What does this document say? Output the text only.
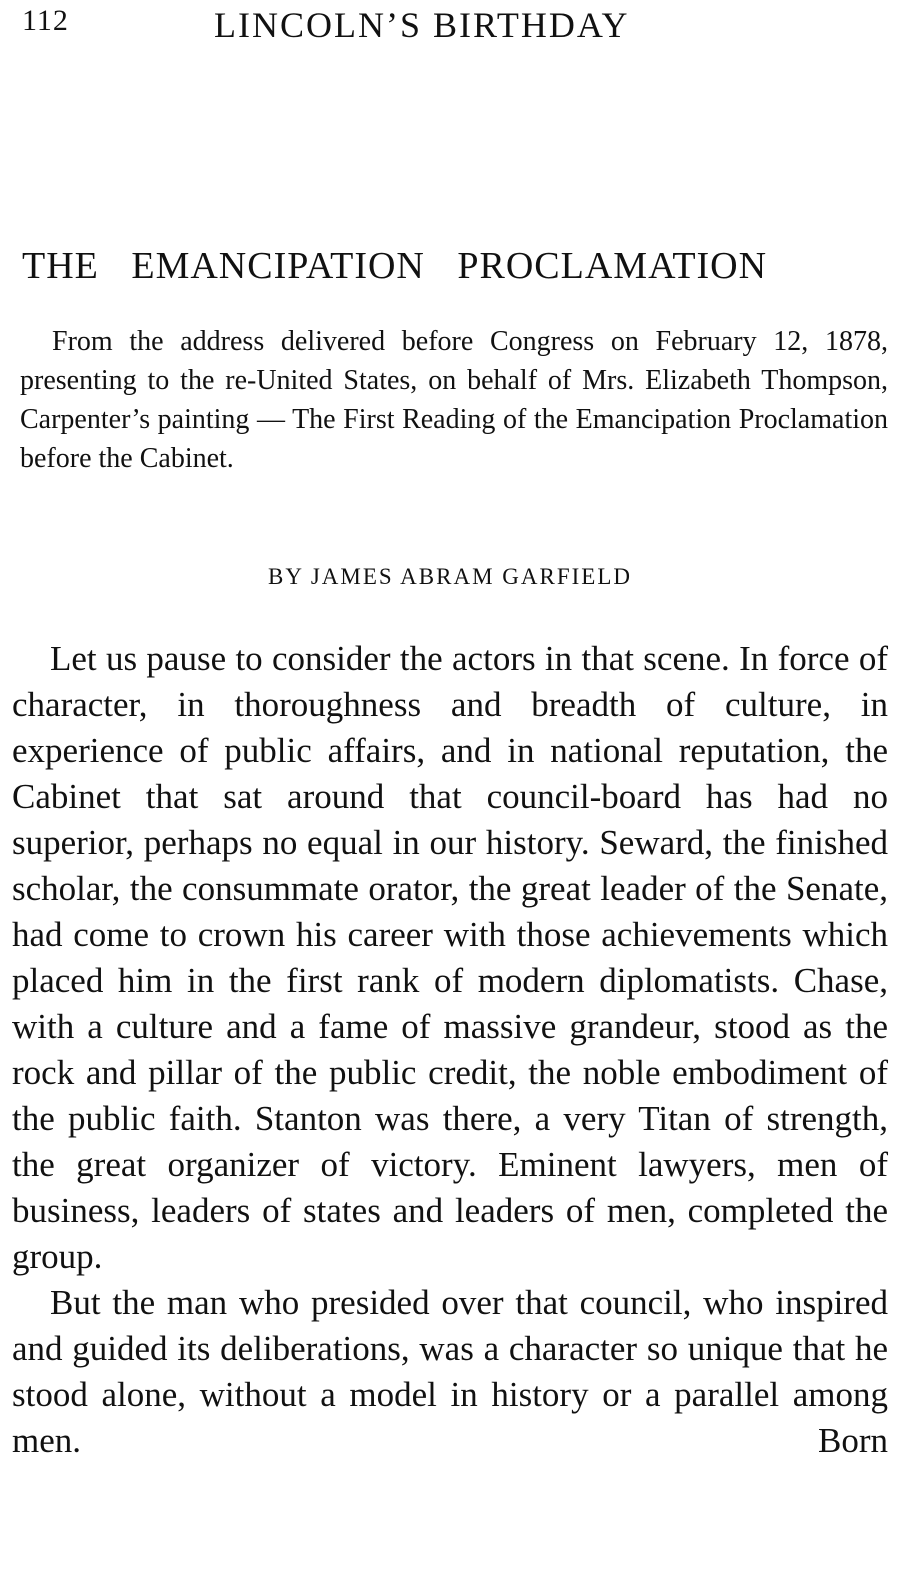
112	LINCOLN’S BIRTHDAY
THE EMANCIPATION PROCLAMATION
From the address delivered before Congress on February 12, 1878, presenting to the re-United States, on behalf of Mrs. Elizabeth Thompson, Carpenter’s painting — The First Reading of the Emancipation Proclamation before the Cabinet.
BY JAMES ABRAM GARFIELD

Let us pause to consider the actors in that scene. In force of character, in thoroughness and breadth of culture, in experience of public affairs, and in national reputation, the Cabinet that sat around that council-board has had no superior, perhaps no equal in our history. Seward, the finished scholar, the consummate orator, the great leader of the Senate, had come to crown his career with those achievements which placed him in the first rank of modern diplomatists. Chase, with a culture and a fame of massive grandeur, stood as the rock and pillar of the public credit, the noble embodiment of the public faith. Stanton was there, a very Titan of strength, the great organizer of victory. Eminent lawyers, men of business, leaders of states and leaders of men, completed the group.

But the man who presided over that council, who inspired and guided its deliberations, was a character so unique that he stood alone, without a model in history or a parallel among men. Born
